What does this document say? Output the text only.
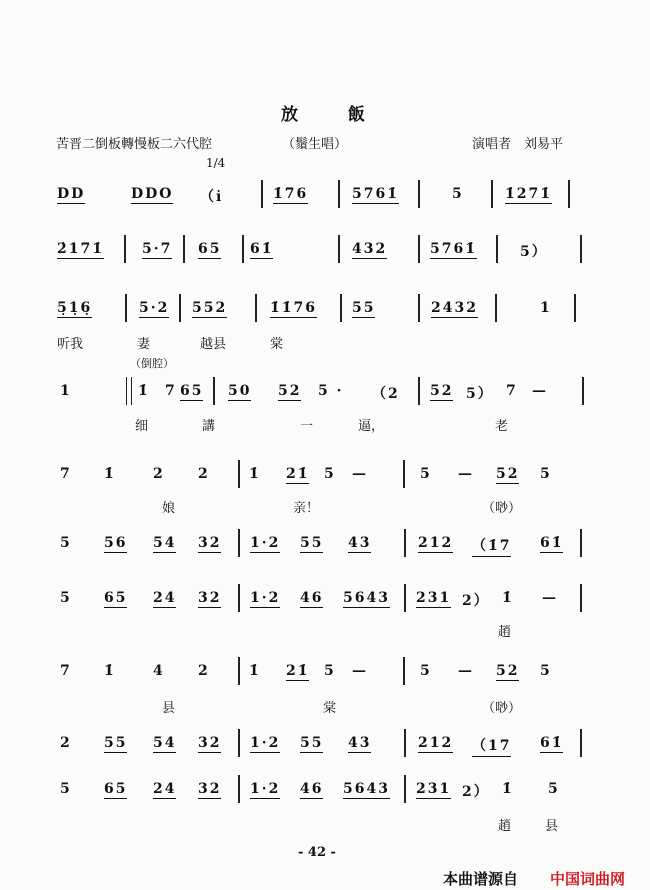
放 飯
苦晋二倒板轉慢板二六代腔	（鬚生唱）	演唱者　刘易平
1/4
DD	DDO （i̇	1̇76	5761̇	5	1̇271̇
2̇171̇	5·7 65 61̇	432	5761̇	5）
5̣1̣6̣	5·2 552	1̇1̇76	55	2432	1
听我	妻	越县	棠
1	1̇ 7 65 50 52 5 · （2 52 5） 7 —
细	講	一	逼，	老
（倒腔）
7 1̇	2 2	1̇ 21̇ 5 —	5 — 52 5
娘	亲！	（唦）
5 56 54 32 1·2 55 43	212 （1̇7 61̇
5 65 24 32 1·2 46 5643 231 2） 1̇ —
趙
7 1̇	4 2	1̇ 21̇ 5 —	5 — 52 5
县	棠	（唦）
2 55 54 32 1·2 55 43	212 （17 61̇
5 65 24 32 1·2 46 5643 231 2） 1̇ 5
趙	县
- 42 -
本曲谱源自 中国词曲网
